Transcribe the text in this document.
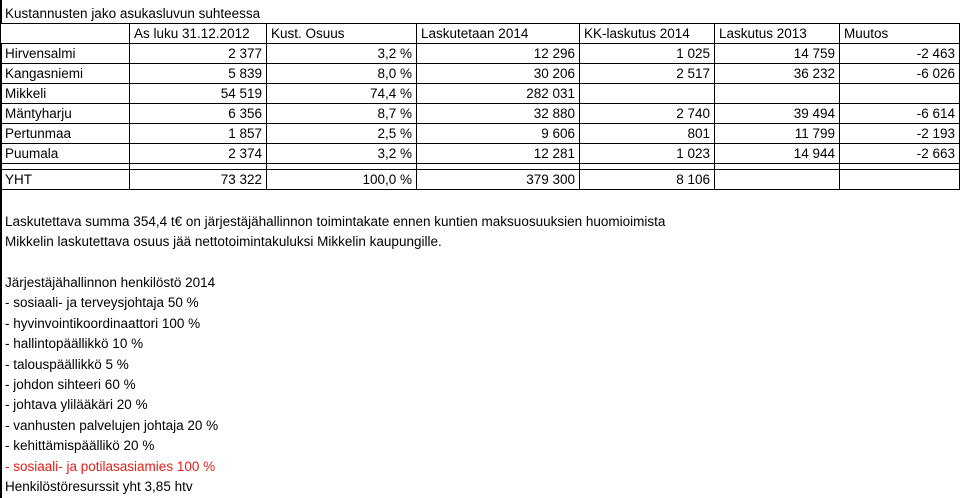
Kustannusten jako asukasluvun suhteessa
	As luku 31.12.2012	Kust. Osuus	Laskutetaan 2014	KK-laskutus 2014	Laskutus 2013	Muutos
Hirvensalmi	2 377	3,2 %	12 296	1 025	14 759	-2 463
Kangasniemi	5 839	8,0 %	30 206	2 517	36 232	-6 026
Mikkeli	54 519	74,4 %	282 031			
Mäntyharju	6 356	8,7 %	32 880	2 740	39 494	-6 614
Pertunmaa	1 857	2,5 %	9 606	801	11 799	-2 193
Puumala	2 374	3,2 %	12 281	1 023	14 944	-2 663

YHT	73 322	100,0 %	379 300	8 106		
Laskutettava summa 354,4 t€ on järjestäjähallinnon toimintakate ennen kuntien maksuosuuksien huomioimista
Mikkelin laskutettava osuus jää nettotoimintakuluksi Mikkelin kaupungille.
Järjestäjähallinnon henkilöstö 2014
- sosiaali- ja terveysjohtaja 50 %
- hyvinvointikoordinaattori 100 %
- hallintopäällikkö 10 %
- talouspäällikkö 5 %
- johdon sihteeri 60 %
- johtava ylilääkäri 20 %
- vanhusten palvelujen johtaja 20 %
- kehittämispäällikö 20 %
- sosiaali- ja potilasasiamies 100 %
Henkilöstöresurssit yht 3,85 htv
